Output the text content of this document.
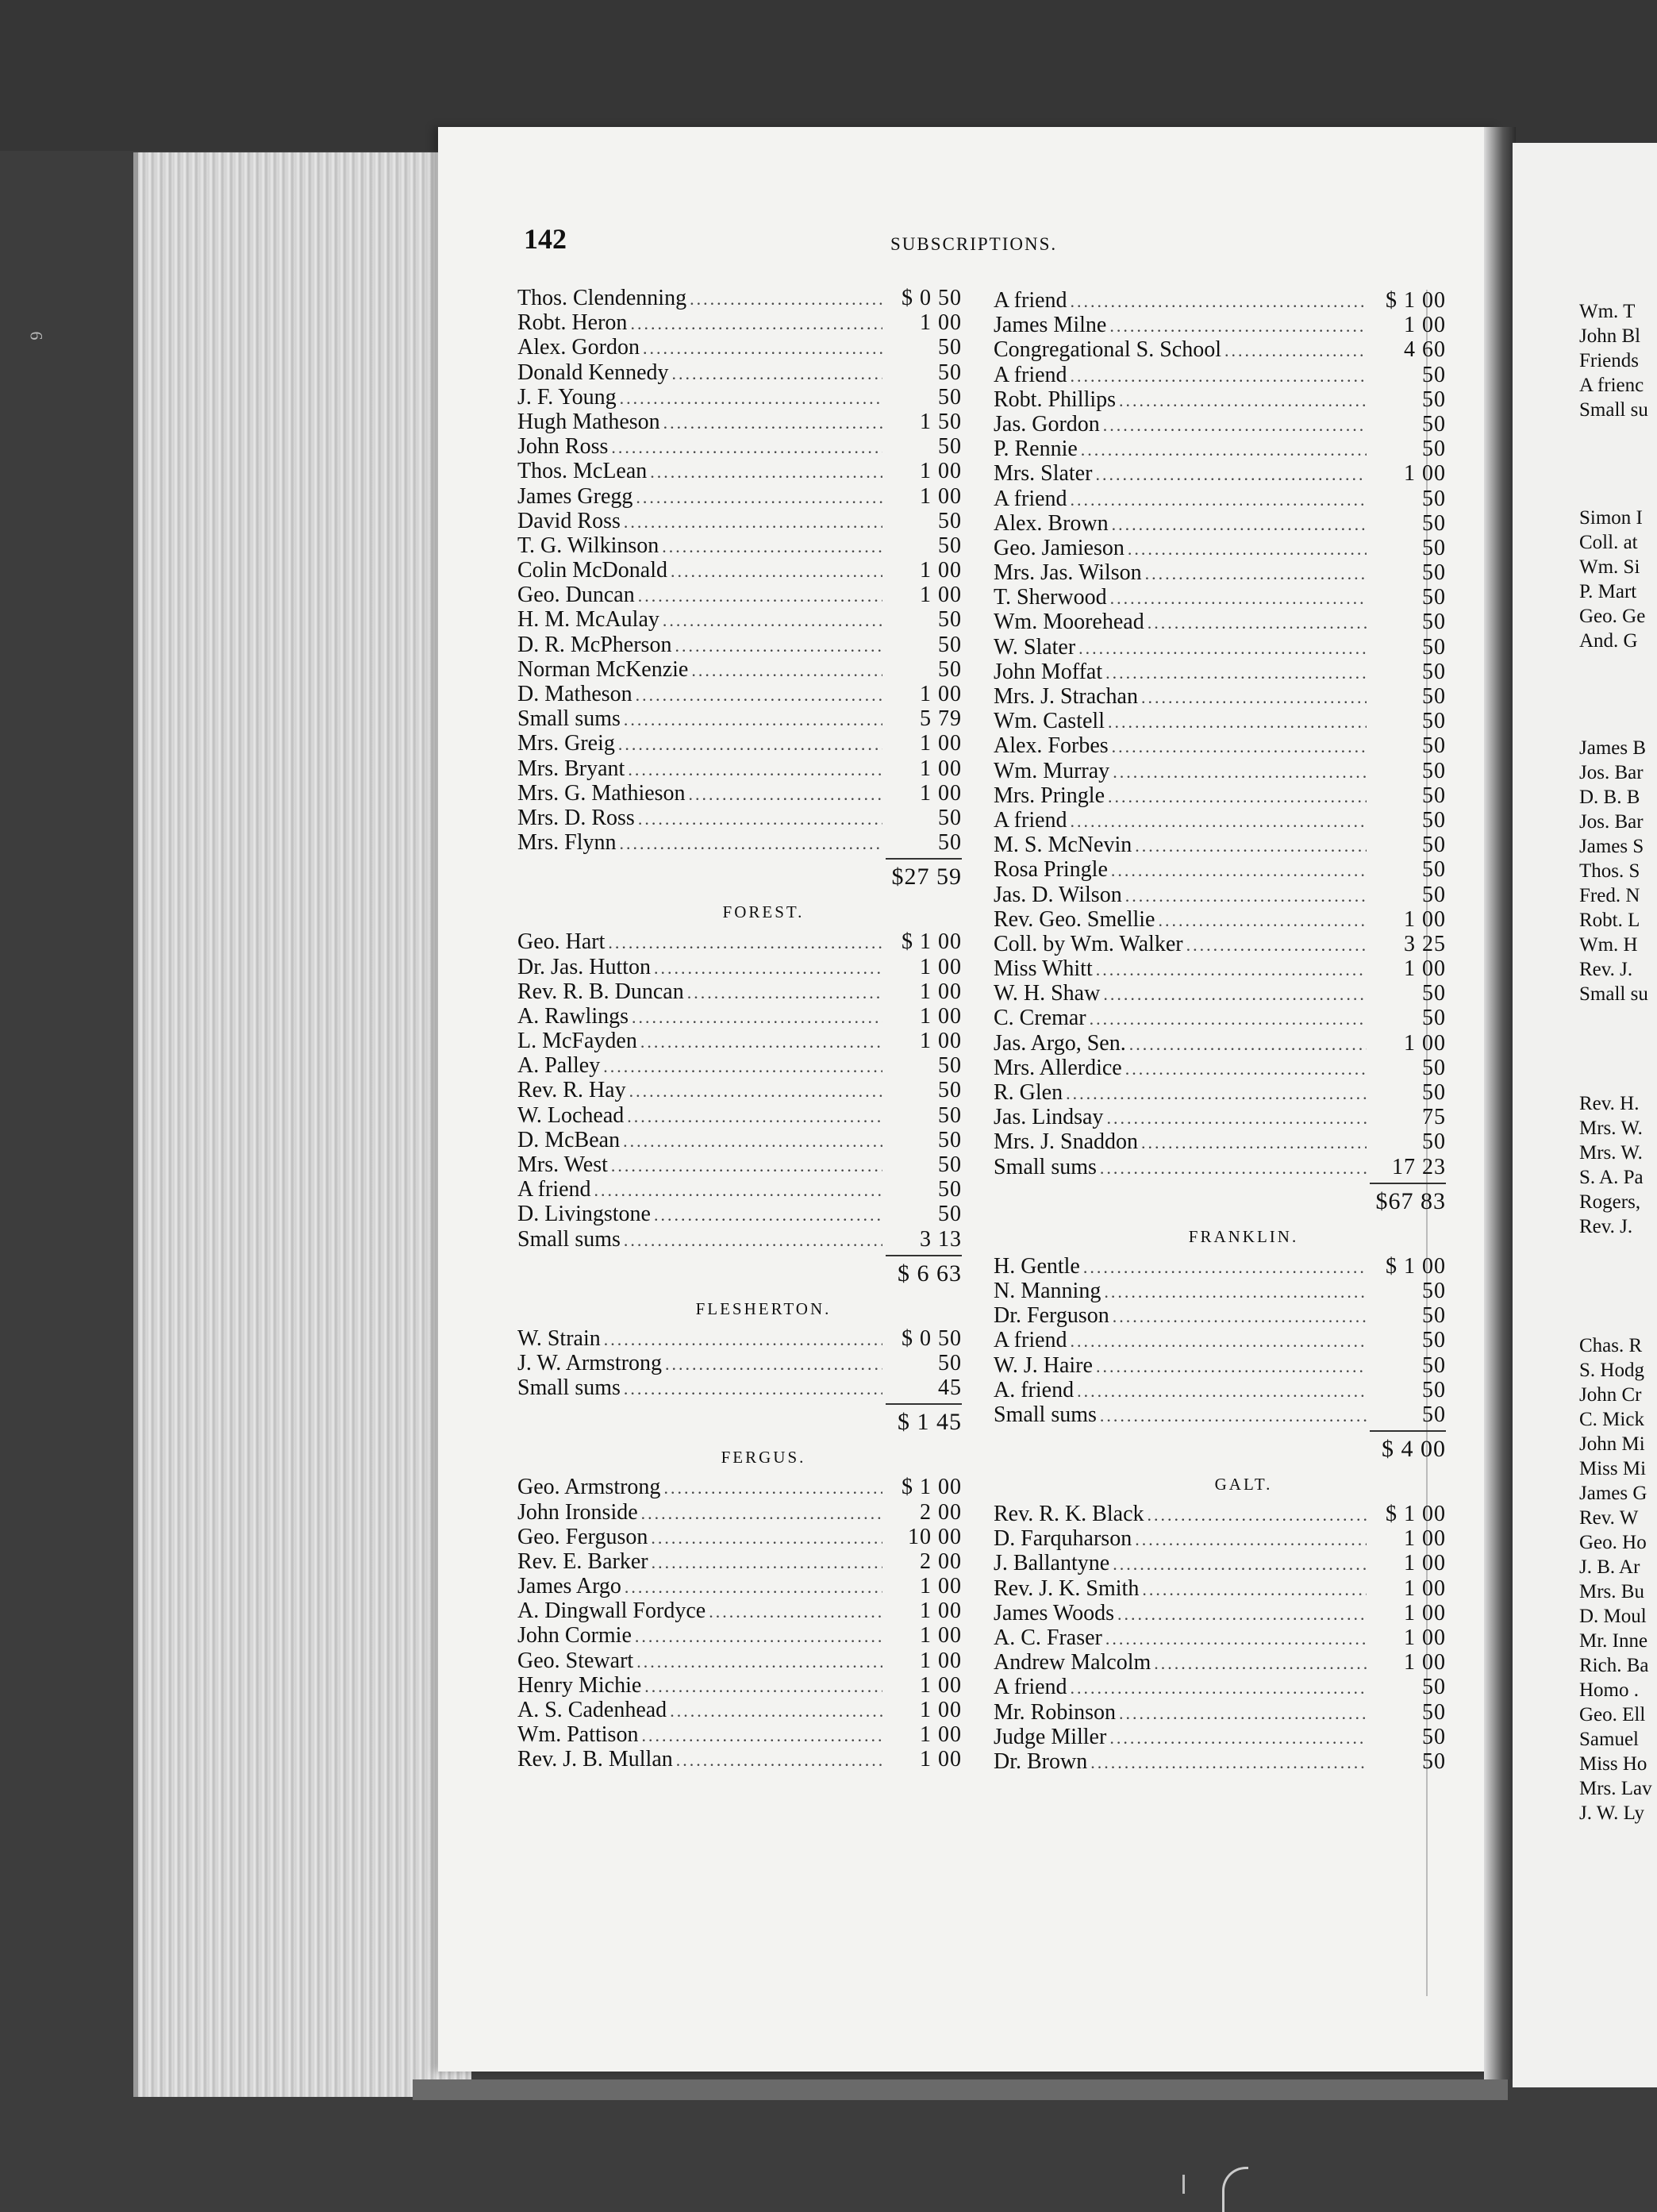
6
142	SUBSCRIPTIONS.
Thos. Clendenning .....	$ 0 50
Robt. Heron .....	1 00
Alex. Gordon .....	50
Donald Kennedy .....	50
J. F. Young .....	50
Hugh Matheson .....	1 50
John Ross .....	50
Thos. McLean .....	1 00
James Gregg .....	1 00
David Ross .....	50
T. G. Wilkinson .....	50
Colin McDonald .....	1 00
Geo. Duncan .....	1 00
H. M. McAulay .....	50
D. R. McPherson .....	50
Norman McKenzie .....	50
D. Matheson .....	1 00
Small sums .....	5 79
Mrs. Greig .....	1 00
Mrs. Bryant .....	1 00
Mrs. G. Mathieson .....	1 00
Mrs. D. Ross .....	50
Mrs. Flynn .....	50
$27 59
FOREST.
Geo. Hart .....	$ 1 00
Dr. Jas. Hutton .....	1 00
Rev. R. B. Duncan .....	1 00
A. Rawlings .....	1 00
L. McFayden .....	1 00
A. Palley .....	50
Rev. R. Hay .....	50
W. Lochead .....	50
D. McBean .....	50
Mrs. West .....	50
A friend .....	50
D. Livingstone .....	50
Small sums .....	3 13
$ 6 63
FLESHERTON.
W. Strain .....	$ 0 50
J. W. Armstrong .....	50
Small sums .....	45
$ 1 45
FERGUS.
Geo. Armstrong .....	$ 1 00
John Ironside .....	2 00
Geo. Ferguson .....	10 00
Rev. E. Barker .....	2 00
James Argo .....	1 00
A. Dingwall Fordyce .....	1 00
John Cormie .....	1 00
Geo. Stewart .....	1 00
Henry Michie .....	1 00
A. S. Cadenhead .....	1 00
Wm. Pattison .....	1 00
Rev. J. B. Mullan .....	1 00
A friend .....	$ 1 00
James Milne .....	1 00
Congregational S. School .....	4 60
A friend .....	50
Robt. Phillips .....	50
Jas. Gordon .....	50
P. Rennie .....	50
Mrs. Slater .....	1 00
A friend .....	50
Alex. Brown .....	50
Geo. Jamieson .....	50
Mrs. Jas. Wilson .....	50
T. Sherwood .....	50
Wm. Moorehead .....	50
W. Slater .....	50
John Moffat .....	50
Mrs. J. Strachan .....	50
Wm. Castell .....	50
Alex. Forbes .....	50
Wm. Murray .....	50
Mrs. Pringle .....	50
A friend .....	50
M. S. McNevin .....	50
Rosa Pringle .....	50
Jas. D. Wilson .....	50
Rev. Geo. Smellie .....	1 00
Coll. by Wm. Walker .....	3 25
Miss Whitt .....	1 00
W. H. Shaw .....	50
C. Cremar .....	50
Jas. Argo, Sen. .....	1 00
Mrs. Allerdice .....	50
R. Glen .....	50
Jas. Lindsay .....	75
Mrs. J. Snaddon .....	50
Small sums .....	17 23
$67 83
FRANKLIN.
H. Gentle .....	$ 1 00
N. Manning .....	50
Dr. Ferguson .....	50
A friend .....	50
W. J. Haire .....	50
A. friend .....	50
Small sums .....	50
$ 4 00
GALT.
Rev. R. K. Black .....	$ 1 00
D. Farquharson .....	1 00
J. Ballantyne .....	1 00
Rev. J. K. Smith .....	1 00
James Woods .....	1 00
A. C. Fraser .....	1 00
Andrew Malcolm .....	1 00
A friend .....	50
Mr. Robinson .....	50
Judge Miller .....	50
Dr. Brown .....	50
Wm. T
John Bl
Friends
A frienc
Small su
Simon I
Coll. at
Wm. Si
P. Mart
Geo. Ge
And. G
James B
Jos. Bar
D. B. B
Jos. Bar
James S
Thos. S
Fred. N
Robt. L
Wm. H
Rev. J.
Small su
Rev. H.
Mrs. W.
Mrs. W.
S. A. Pa
Rogers,
Rev. J.
Chas. R
S. Hodg
John Cr
C. Mick
John Mi
Miss Mi
James G
Rev. W
Geo. Ho
J. B. Ar
Mrs. Bu
D. Moul
Mr. Inne
Rich. Ba
Homo .
Geo. Ell
Samuel
Miss Ho
Mrs. Lav
J. W. Ly
